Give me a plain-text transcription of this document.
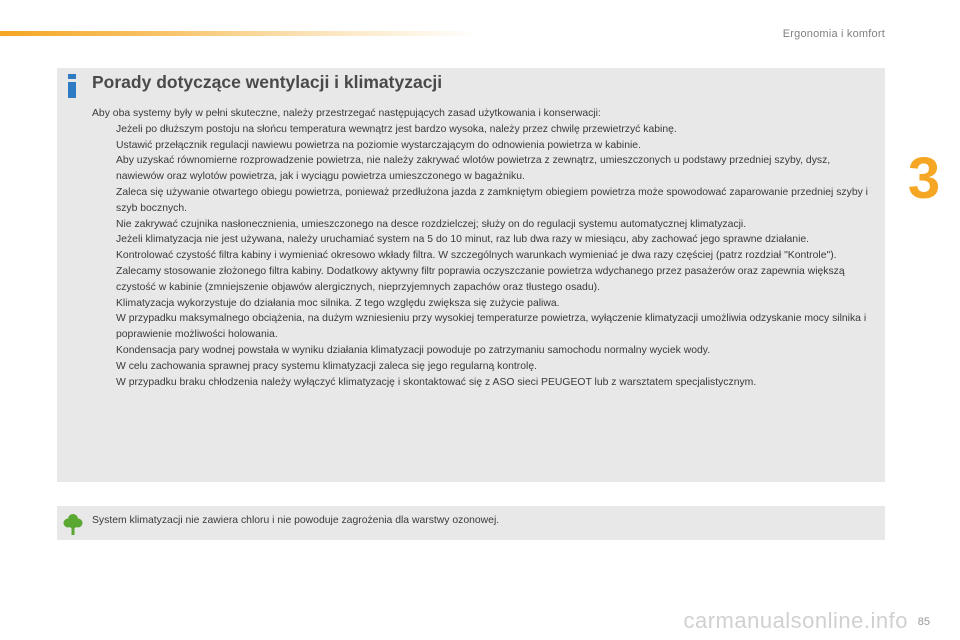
Ergonomia i komfort
3
Porady dotyczące wentylacji i klimatyzacji

Aby oba systemy były w pełni skuteczne, należy przestrzegać następujących zasad użytkowania i konserwacji:

Jeżeli po dłuższym postoju na słońcu temperatura wewnątrz jest bardzo wysoka, należy przez chwilę przewietrzyć kabinę.
Ustawić przełącznik regulacji nawiewu powietrza na poziomie wystarczającym do odnowienia powietrza w kabinie.
Aby uzyskać równomierne rozprowadzenie powietrza, nie należy zakrywać wlotów powietrza z zewnątrz, umieszczonych u podstawy przedniej szyby, dysz, nawiewów oraz wylotów powietrza, jak i wyciągu powietrza umieszczonego w bagażniku.
Zaleca się używanie otwartego obiegu powietrza, ponieważ przedłużona jazda z zamkniętym obiegiem powietrza może spowodować zaparowanie przedniej szyby i szyb bocznych.
Nie zakrywać czujnika nasłonecznienia, umieszczonego na desce rozdzielczej; służy on do regulacji systemu automatycznej klimatyzacji.
Jeżeli klimatyzacja nie jest używana, należy uruchamiać system na 5 do 10 minut, raz lub dwa razy w miesiącu, aby zachować jego sprawne działanie.
Kontrolować czystość filtra kabiny i wymieniać okresowo wkłady filtra. W szczególnych warunkach wymieniać je dwa razy częściej (patrz rozdział "Kontrole").
Zalecamy stosowanie złożonego filtra kabiny. Dodatkowy aktywny filtr poprawia oczyszczanie powietrza wdychanego przez pasażerów oraz zapewnia większą czystość w kabinie (zmniejszenie objawów alergicznych, nieprzyjemnych zapachów oraz tłustego osadu).
Klimatyzacja wykorzystuje do działania moc silnika. Z tego względu zwiększa się zużycie paliwa.
W przypadku maksymalnego obciążenia, na dużym wzniesieniu przy wysokiej temperaturze powietrza, wyłączenie klimatyzacji umożliwia odzyskanie mocy silnika i poprawienie możliwości holowania.
Kondensacja pary wodnej powstała w wyniku działania klimatyzacji powoduje po zatrzymaniu samochodu normalny wyciek wody.
W celu zachowania sprawnej pracy systemu klimatyzacji zaleca się jego regularną kontrolę.
W przypadku braku chłodzenia należy wyłączyć klimatyzację i skontaktować się z ASO sieci PEUGEOT lub z warsztatem specjalistycznym.
System klimatyzacji nie zawiera chloru i nie powoduje zagrożenia dla warstwy ozonowej.
carmanualsonline.info 85
